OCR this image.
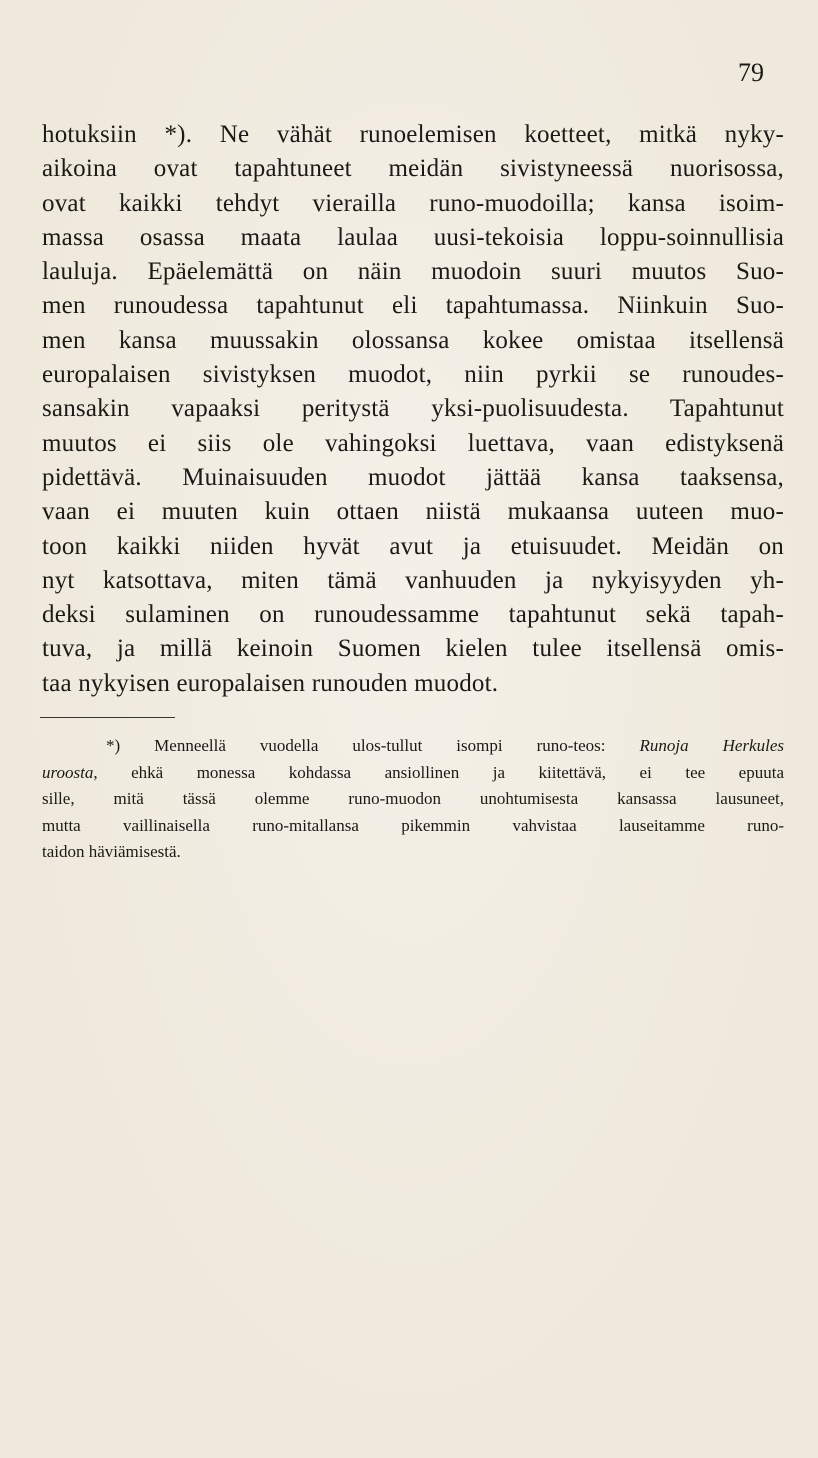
79
hotuksiin *). Ne vähät runoelemisen koetteet, mitkä nyky-
aikoina ovat tapahtuneet meidän sivistyneessä nuorisossa,
ovat kaikki tehdyt vierailla runo-muodoilla; kansa isoim-
massa osassa maata laulaa uusi-tekoisia loppu-soinnullisia
lauluja. Epäelemättä on näin muodoin suuri muutos Suo-
men runoudessa tapahtunut eli tapahtumassa. Niinkuin Suo-
men kansa muussakin olossansa kokee omistaa itsellensä
europalaisen sivistyksen muodot, niin pyrkii se runoudes-
sansakin vapaaksi peritystä yksi-puolisuudesta. Tapahtunut
muutos ei siis ole vahingoksi luettava, vaan edistyksenä
pidettävä. Muinaisuuden muodot jättää kansa taaksensa,
vaan ei muuten kuin ottaen niistä mukaansa uuteen muo-
toon kaikki niiden hyvät avut ja etuisuudet. Meidän on
nyt katsottava, miten tämä vanhuuden ja nykyisyyden yh-
deksi sulaminen on runoudessamme tapahtunut sekä tapah-
tuva, ja millä keinoin Suomen kielen tulee itsellensä omis-
taa nykyisen europalaisen runouden muodot.
*) Menneellä vuodella ulos-tullut isompi runo-teos: Runoja Herkules
uroosta, ehkä monessa kohdassa ansiollinen ja kiitettävä, ei tee epuuta
sille, mitä tässä olemme runo-muodon unohtumisesta kansassa lausuneet,
mutta vaillinaisella runo-mitallansa pikemmin vahvistaa lauseitamme runo-
taidon häviämisestä.
